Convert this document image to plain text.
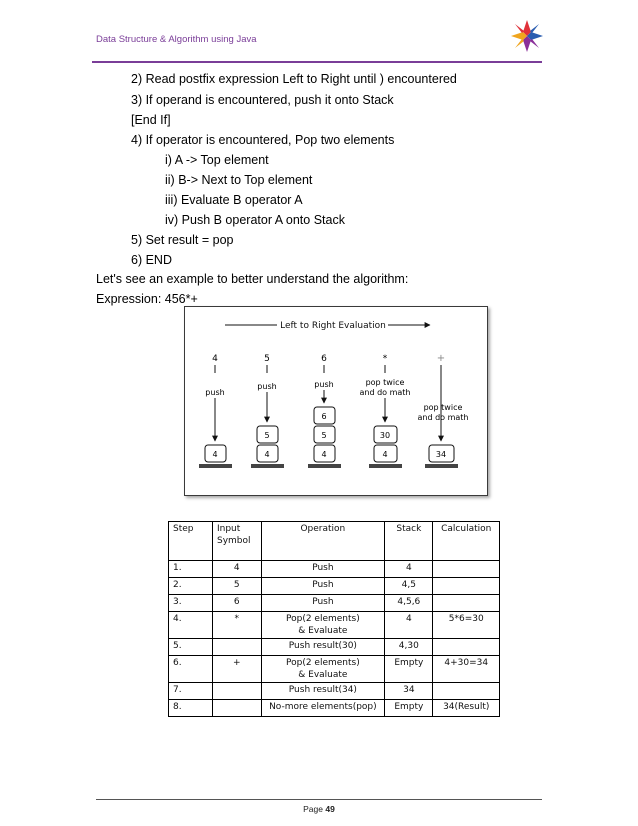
Data Structure & Algorithm using Java
2) Read postfix expression Left to Right until ) encountered
3) If operand is encountered, push it onto Stack
[End If]
4) If operator is encountered, Pop two elements
i) A -> Top element
ii) B-> Next to Top element
iii) Evaluate B operator A
iv) Push B operator A onto Stack
5) Set result = pop
6) END
Let's see an example to better understand the algorithm:
Expression: 456*+
Left to Right Evaluation
4
push
4
5
push
5
4
6
push
6
5
4
*
pop twice
and do math
30
4
+
pop twice
and do math
34
Step	Input
Symbol	Operation	Stack	Calculation
1.	4	Push	4	
2.	5	Push	4,5	
3.	6	Push	4,5,6	
4.	*	Pop(2 elements)
& Evaluate	4	5*6=30
5.		Push result(30)	4,30	
6.	+	Pop(2 elements)
& Evaluate	Empty	4+30=34
7.		Push result(34)	34	
8.		No-more elements(pop)	Empty	34(Result)
Page 49
